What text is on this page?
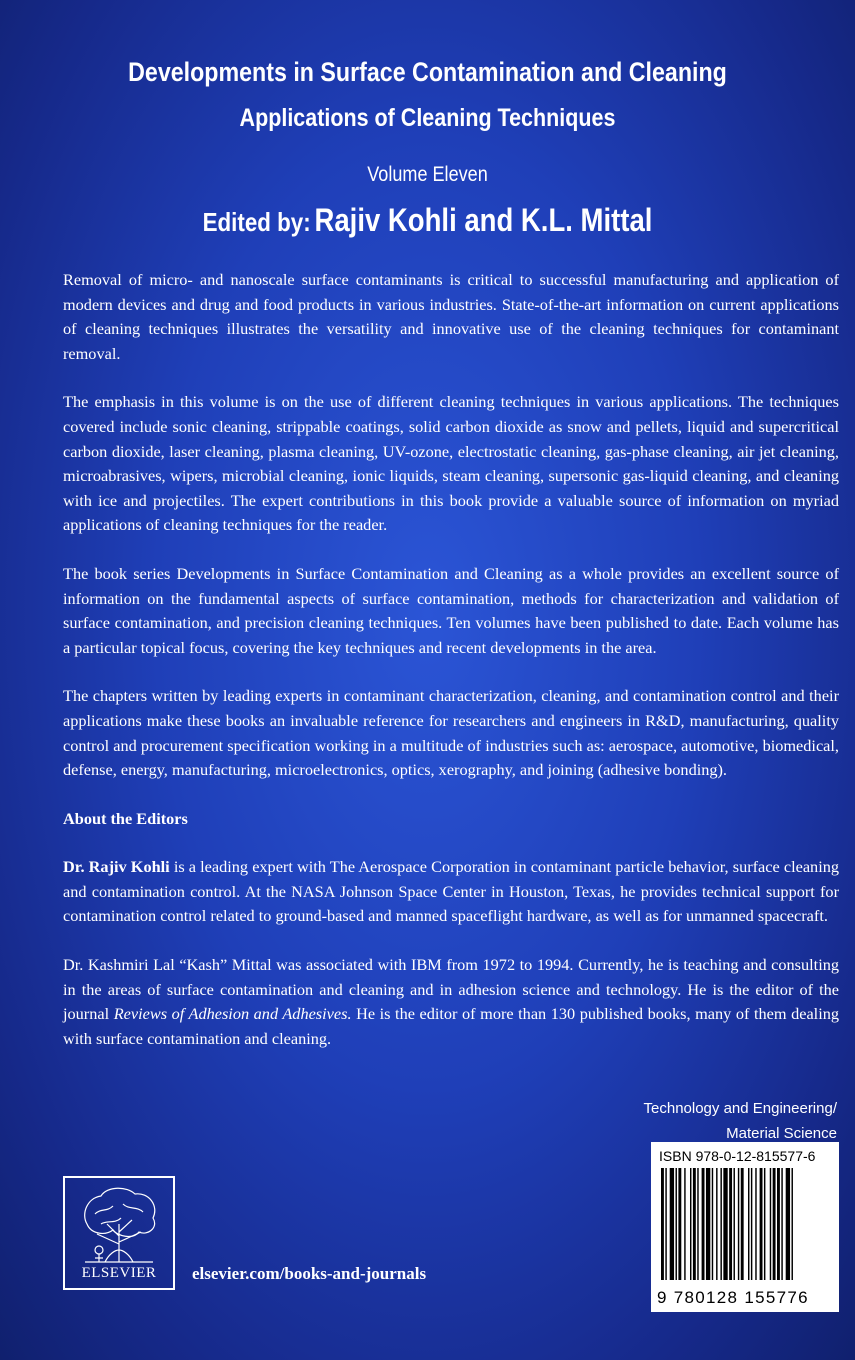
Developments in Surface Contamination and Cleaning
Applications of Cleaning Techniques
Volume Eleven
Edited by: Rajiv Kohli and K.L. Mittal

Removal of micro- and nanoscale surface contaminants is critical to successful manufacturing and application of modern devices and drug and food products in various industries. State-of-the-art information on current applications of cleaning techniques illustrates the versatility and innovative use of the cleaning techniques for contaminant removal.

The emphasis in this volume is on the use of different cleaning techniques in various applications. The techniques covered include sonic cleaning, strippable coatings, solid carbon dioxide as snow and pellets, liquid and supercritical carbon dioxide, laser cleaning, plasma cleaning, UV-ozone, electrostatic cleaning, gas-phase cleaning, air jet cleaning, microabrasives, wipers, microbial cleaning, ionic liquids, steam cleaning, supersonic gas-liquid cleaning, and cleaning with ice and projectiles. The expert contributions in this book provide a valuable source of information on myriad applications of cleaning techniques for the reader.

The book series Developments in Surface Contamination and Cleaning as a whole provides an excellent source of information on the fundamental aspects of surface contamination, methods for characterization and validation of surface contamination, and precision cleaning techniques. Ten volumes have been published to date. Each volume has a particular topical focus, covering the key techniques and recent developments in the area.

The chapters written by leading experts in contaminant characterization, cleaning, and contamination control and their applications make these books an invaluable reference for researchers and engineers in R&D, manufacturing, quality control and procurement specification working in a multitude of industries such as: aerospace, automotive, biomedical, defense, energy, manufacturing, microelectronics, optics, xerography, and joining (adhesive bonding).

About the Editors

Dr. Rajiv Kohli is a leading expert with The Aerospace Corporation in contaminant particle behavior, surface cleaning and contamination control. At the NASA Johnson Space Center in Houston, Texas, he provides technical support for contamination control related to ground-based and manned spaceflight hardware, as well as for unmanned spacecraft.

Dr. Kashmiri Lal “Kash” Mittal was associated with IBM from 1972 to 1994. Currently, he is teaching and consulting in the areas of surface contamination and cleaning and in adhesion science and technology. He is the editor of the journal Reviews of Adhesion and Adhesives. He is the editor of more than 130 published books, many of them dealing with surface contamination and cleaning.

Technology and Engineering/
Material Science
ELSEVIER	elsevier.com/books-and-journals
ISBN 978-0-12-815577-6
9 780128 155776
